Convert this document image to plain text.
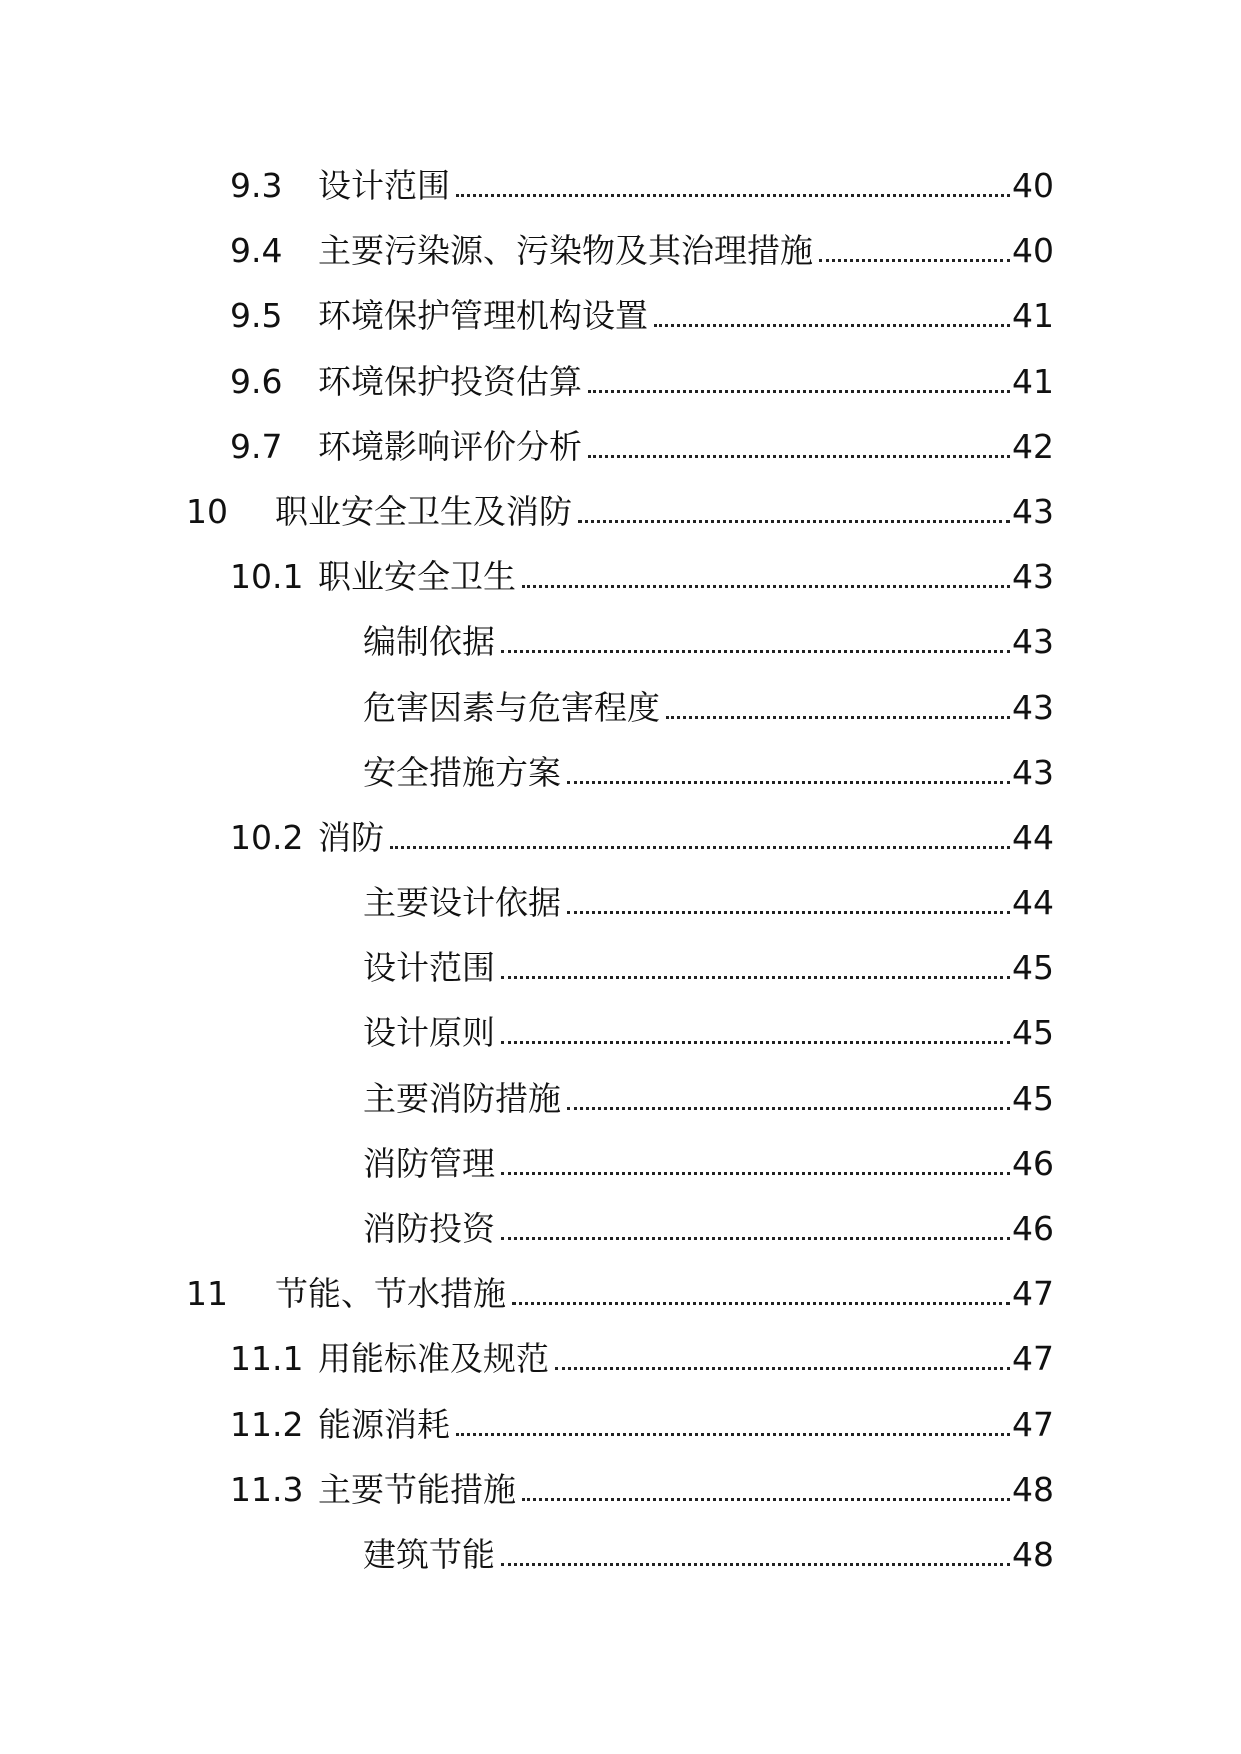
9.3 设计范围	40
9.4 主要污染源、污染物及其治理措施	40
9.5 环境保护管理机构设置	41
9.6 环境保护投资估算	41
9.7 环境影响评价分析	42
10 职业安全卫生及消防	43
10.1 职业安全卫生	43
编制依据	43
危害因素与危害程度	43
安全措施方案	43
10.2 消防	44
主要设计依据	44
设计范围	45
设计原则	45
主要消防措施	45
消防管理	46
消防投资	46
11 节能、节水措施	47
11.1 用能标准及规范	47
11.2 能源消耗	47
11.3 主要节能措施	48
建筑节能	48
